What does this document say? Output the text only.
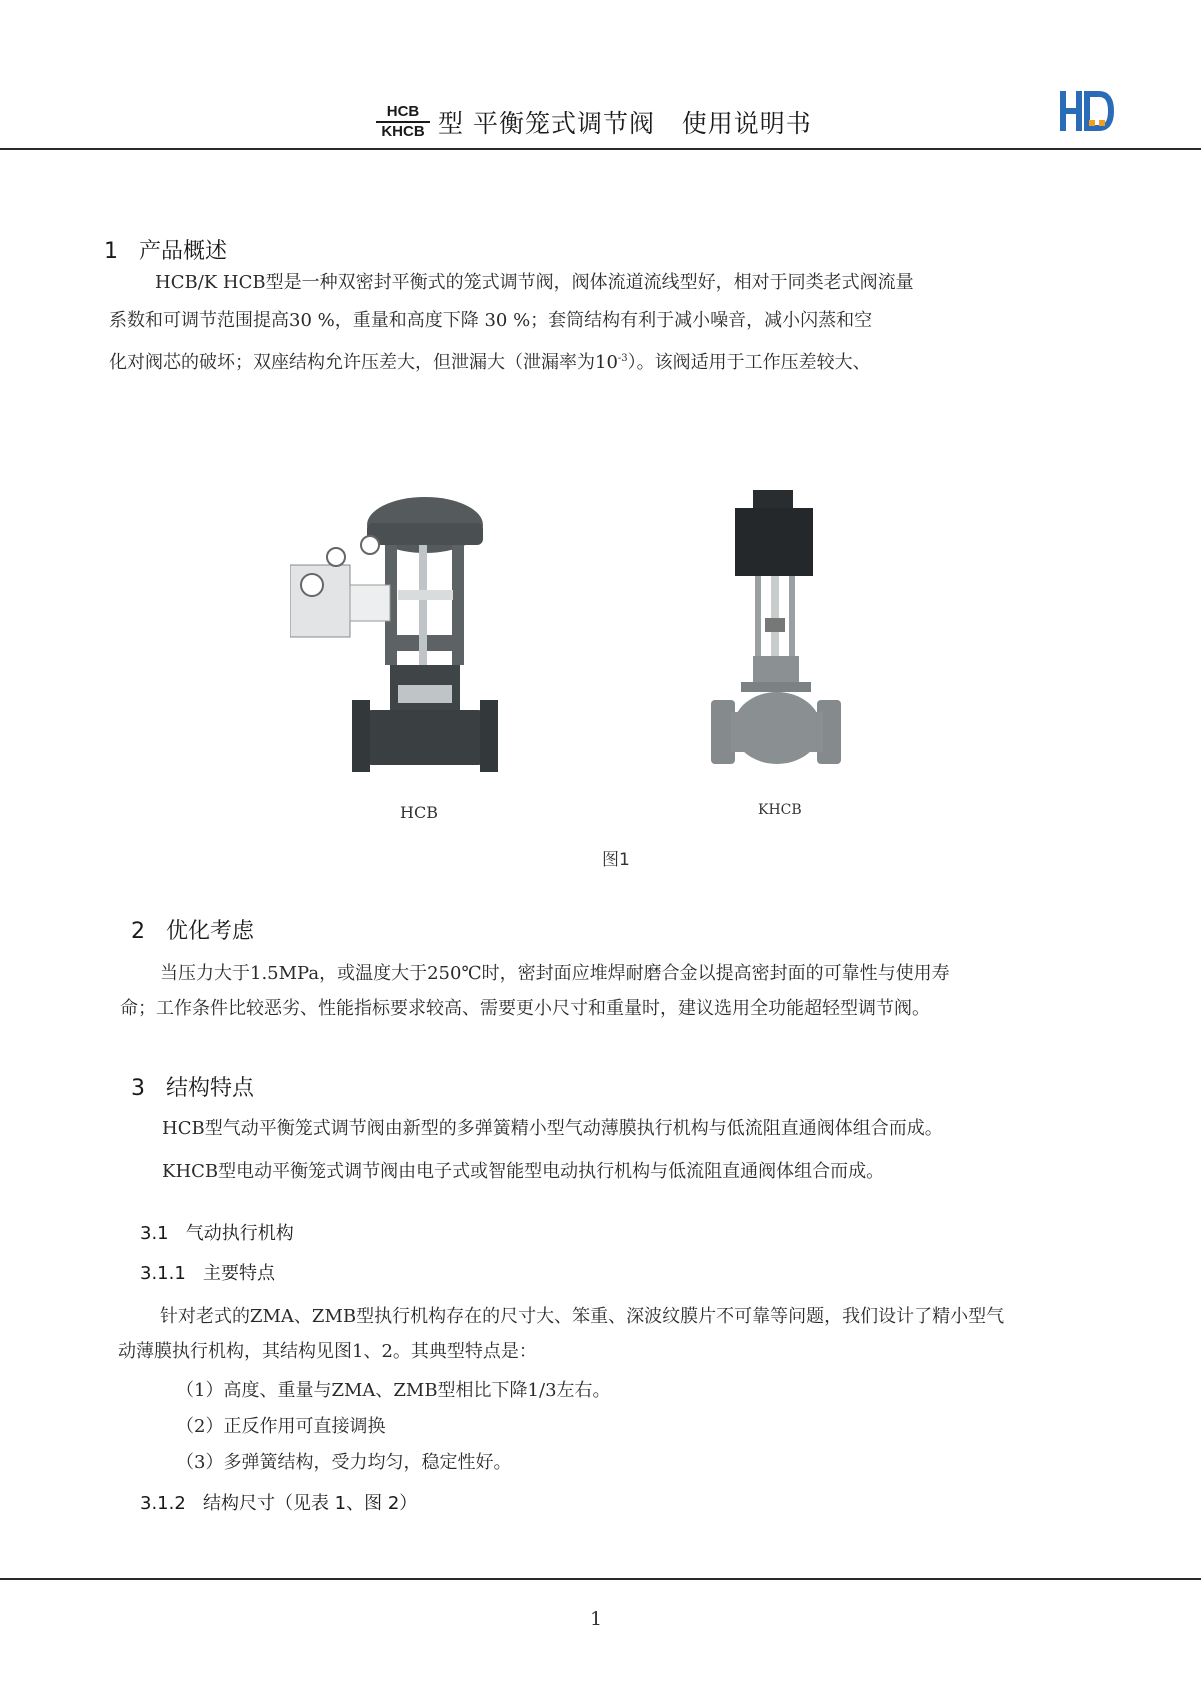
HCB
KHCB 型 平衡笼式调节阀   使用说明书
1   产品概述
HCB/K HCB型是一种双密封平衡式的笼式调节阀，阀体流道流线型好，相对于同类老式阀流量
系数和可调节范围提高30 %，重量和高度下降 30 %；套筒结构有利于减小噪音，减小闪蒸和空
化对阀芯的破坏；双座结构允许压差大，但泄漏大（泄漏率为$10^{-3}$）。该阀适用于工作压差较大、
HCB	KHCB
图1
2   优化考虑
当压力大于1.5MPa，或温度大于250℃时，密封面应堆焊耐磨合金以提高密封面的可靠性与使用寿
命；工作条件比较恶劣、性能指标要求较高、需要更小尺寸和重量时，建议选用全功能超轻型调节阀。
3   结构特点
HCB型气动平衡笼式调节阀由新型的多弹簧精小型气动薄膜执行机构与低流阻直通阀体组合而成。
KHCB型电动平衡笼式调节阀由电子式或智能型电动执行机构与低流阻直通阀体组合而成。
3.1   气动执行机构
3.1.1   主要特点
针对老式的ZMA、ZMB型执行机构存在的尺寸大、笨重、深波纹膜片不可靠等问题，我们设计了精小型气
动薄膜执行机构，其结构见图1、2。其典型特点是：
（1）高度、重量与ZMA、ZMB型相比下降1/3左右。
（2）正反作用可直接调换
（3）多弹簧结构，受力均匀，稳定性好。
3.1.2   结构尺寸（见表 1、图 2）
1
